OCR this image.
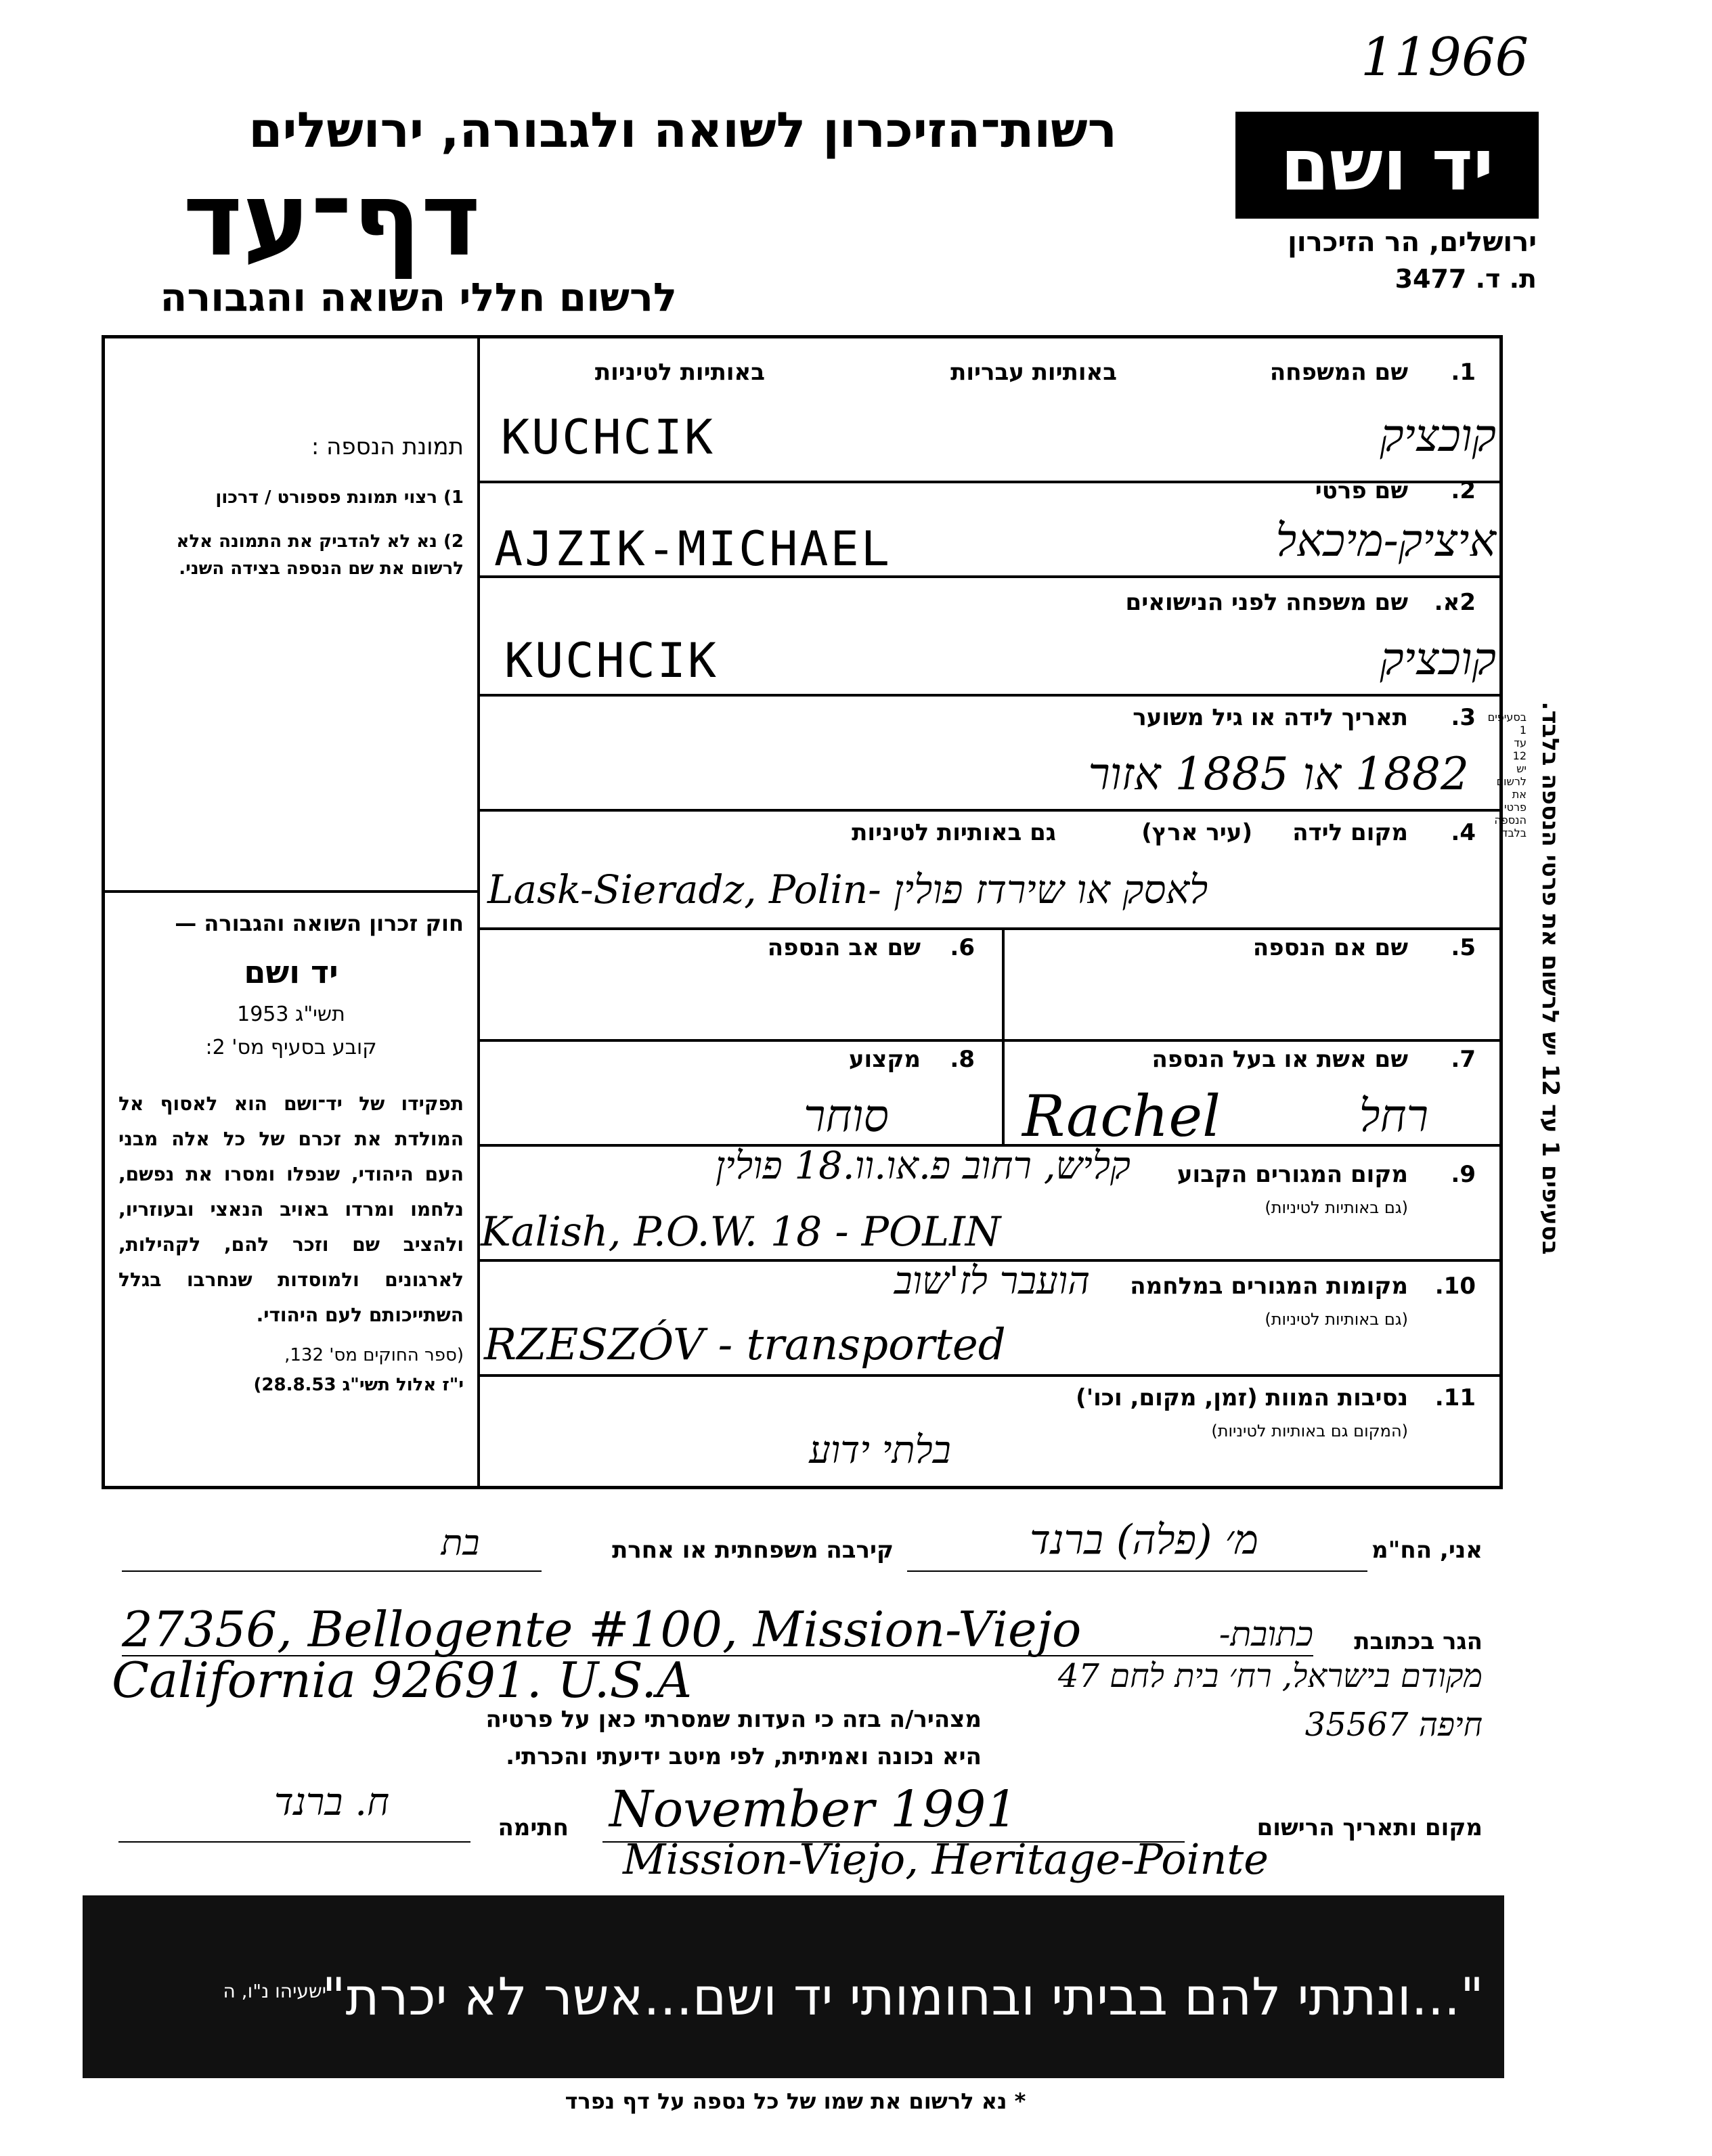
11966
רשות־הזיכרון לשואה ולגבורה, ירושלים
דף־עד
לרשום חללי השואה והגבורה
יד ושם
ירושלים, הר הזיכרון
ת. ד. 3477
תמונת הנספה :
1) רצוי תמונת פספורט / דרכון
2) נא לא להדביק את התמונה אלא לרשום את שם הנספה בצידה השני.
חוק זכרון השואה והגבורה —
יד ושם
תשי"ג 1953
קובע בסעיף מס' 2:
תפקידו של יד־ושם הוא לאסוף אל המולדת את זכרם של כל אלה מבני העם היהודי, שנפלו ומסרו את נפשם, נלחמו ומרדו באויב הנאצי ובעוזריו, ולהציב שם וזכר להם, לקהילות, לארגונים ולמוסדות שנחרבו בגלל השתייכותם לעם היהודי.
(ספר החוקים מס' 132,
י"ז אלול תשי"ג 28.8.53)
בסעיפים 1 עד 12 יש לרשום את פרטי הנספה בלבד. בסעיפים 1 עד 12 יש לרשום את פרטי הנספה בלבד.
1.
שם המשפחה
באותיות עבריות
באותיות לטיניות
KUCHCIK	קוכציק
2.
שם פרטי
AJZIK-MICHAEL	איציק-מיכאל
2א.
שם משפחה לפני הנישואים
KUCHCIK	קוכציק
3.
תאריך לידה או גיל משוער
1882 או 1885 אזור
4.
מקום לידה
(עיר ארץ)
גם באותיות לטיניות
Lask-Sieradz, Polin- לאסק או שירדז פולין
5.
שם אם הנספה
6.
שם אב הנספה
7.
שם אשת או בעל הנספה
Rachel	רחל
8.
מקצוע
סוחר
9.
מקום המגורים הקבוע
(גם באותיות לטיניות)
קליש, רחוב פ.או.וו.18 פולין
Kalish, P.O.W. 18 - POLIN
10.
מקומות המגורים במלחמה
(גם באותיות לטיניות)
הועבר לז'שוב
RZESZÓV - transported
11.
נסיבות המוות (זמן, מקום, וכו')
(המקום גם באותיות לטיניות)
בלתי ידוע
אני, הח"מ
מ׳ (פלה) ברנד
קירבה משפחתית או אחרת
בת
הגר בכתובת
כתובת-
27356, Bellogente #100, Mission-Viejo
California 92691. U.S.A	מקודם בישראל, רח׳ בית לחם 47 חיפה 35567
מצהיר/ה בזה כי העדות שמסרתי כאן על פרטיה
היא נכונה ואמיתית, לפי מיטב ידיעתי והכרתי.
חתימה
ח. ברנד
מקום ותאריך הרישום
November 1991
Mission-Viejo, Heritage-Pointe
"...ונתתי להם בביתי ובחומותי יד ושם...אשר לא יכרת"
ישעיהו נ"ו, ה
* נא לרשום את שמו של כל נספה על דף נפרד
